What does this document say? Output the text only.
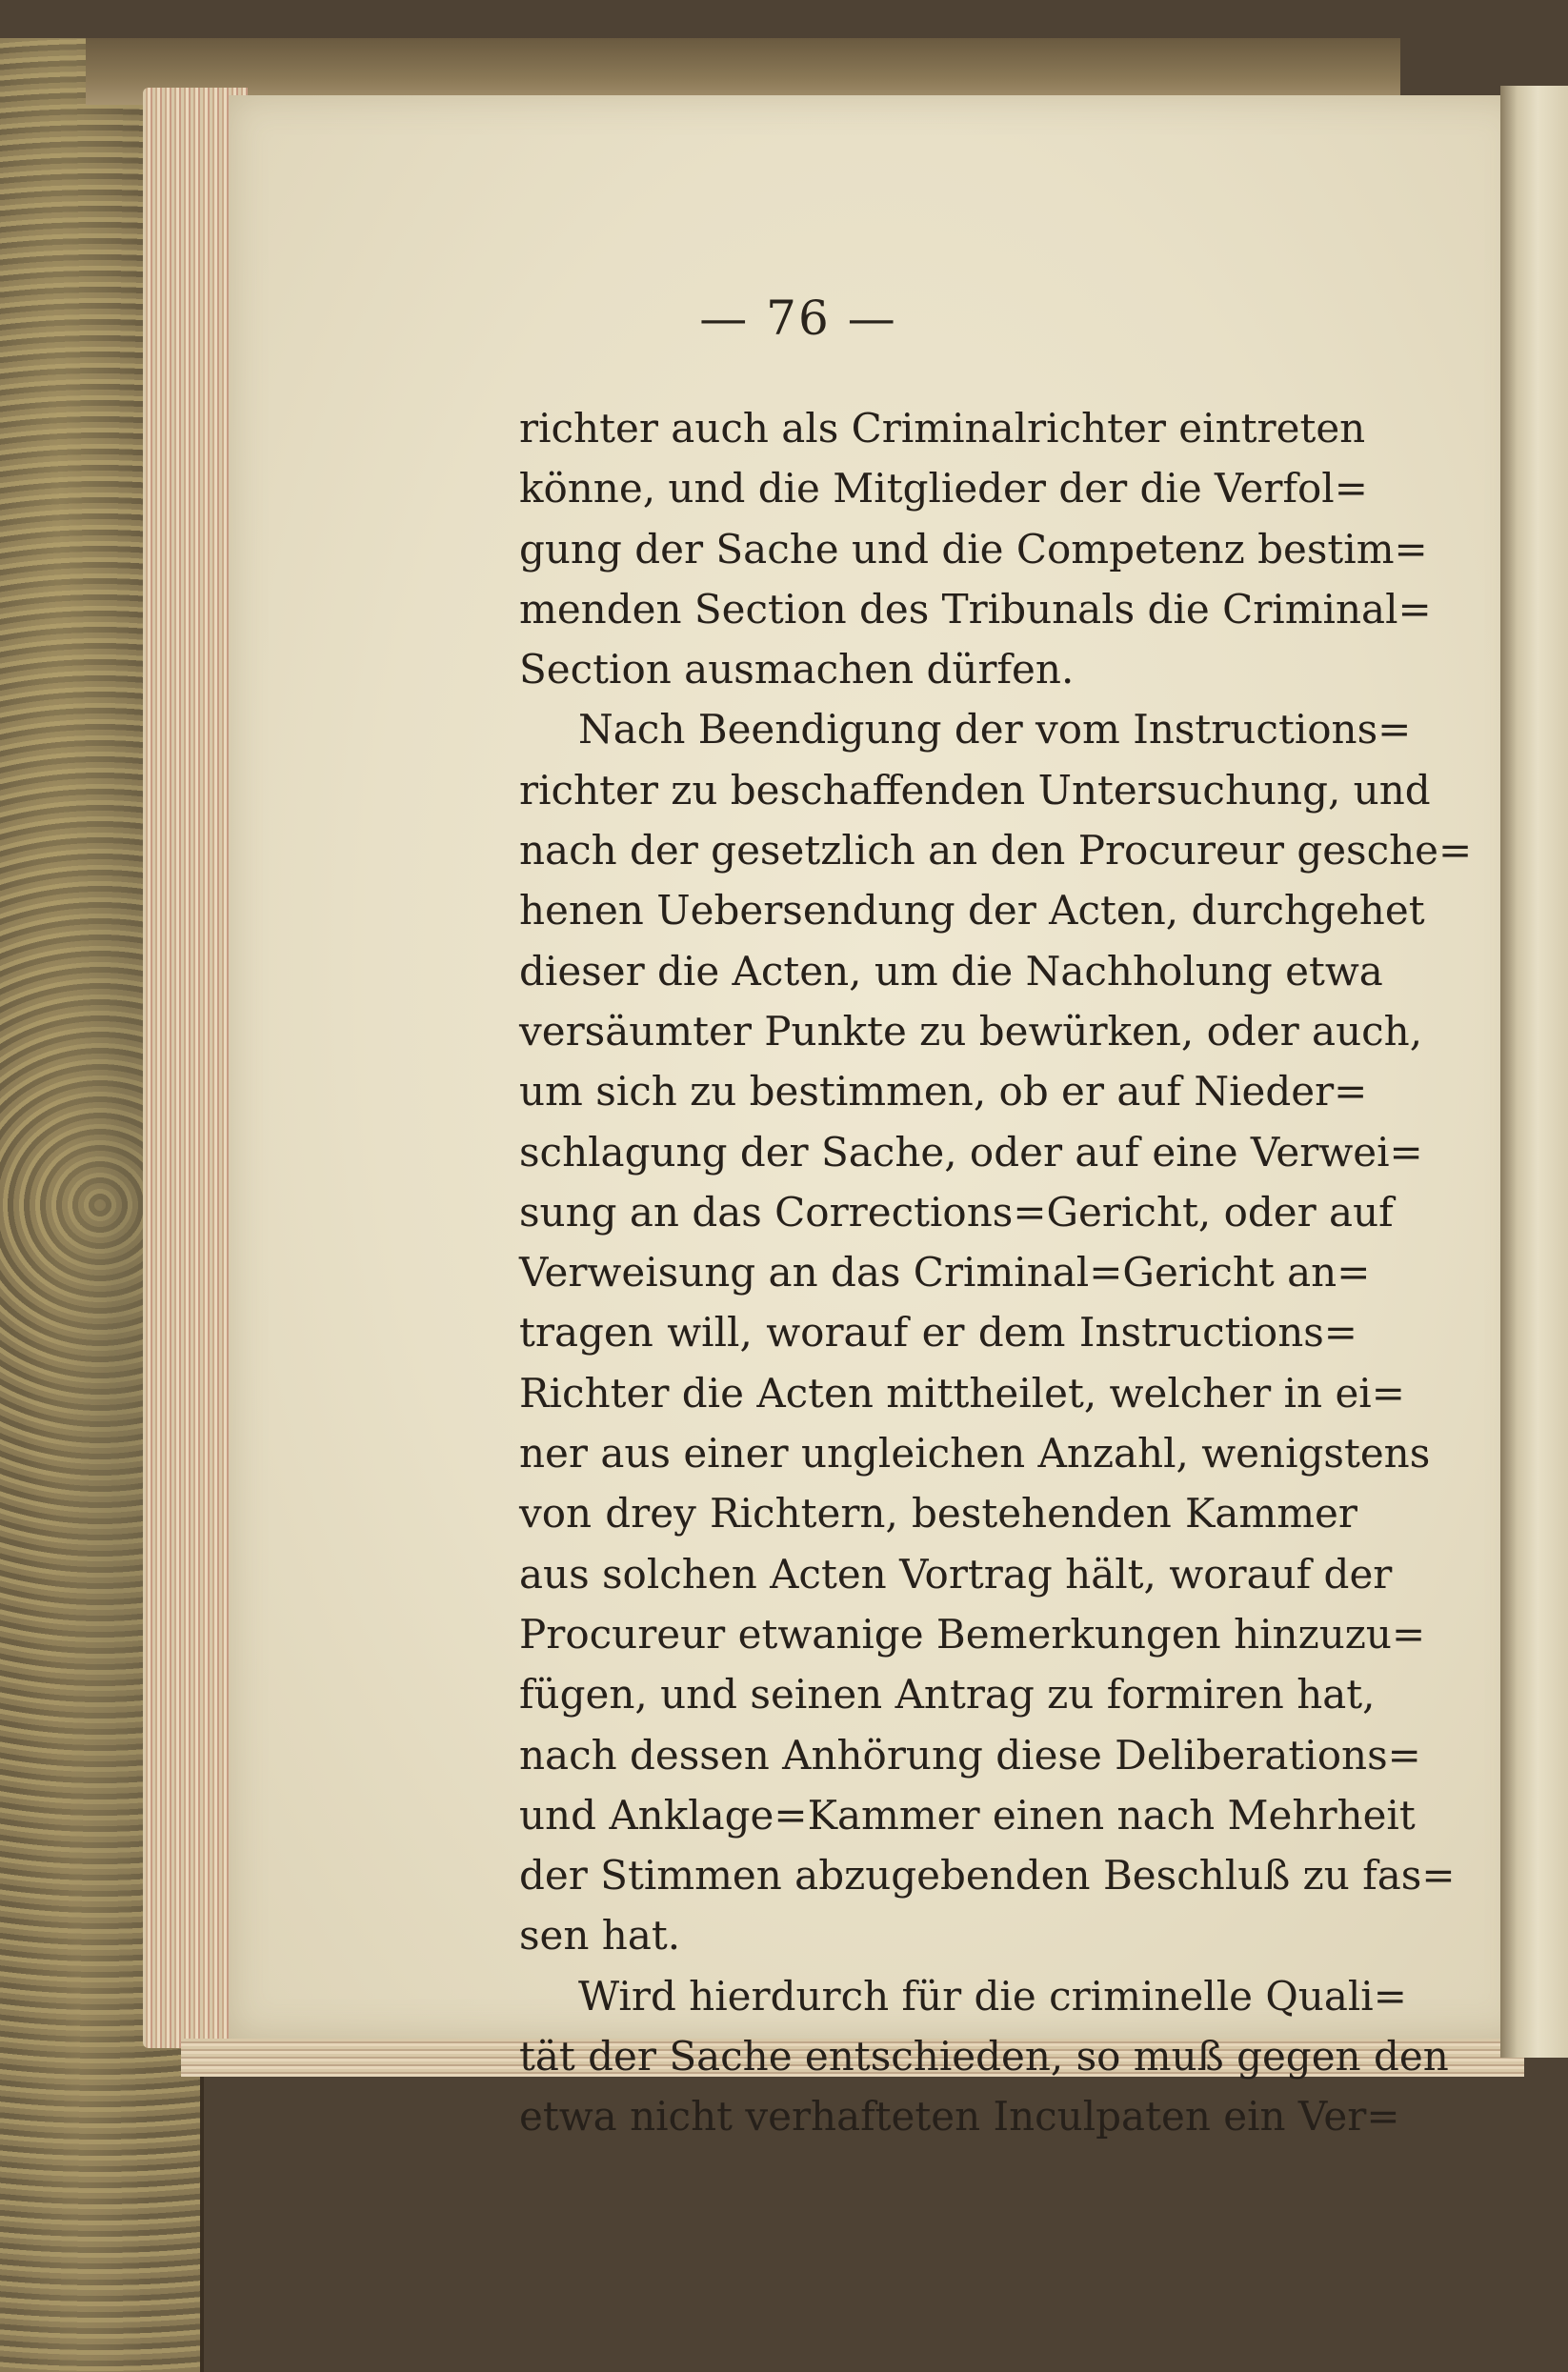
— 76 —
richter auch als Criminalrichter eintreten
könne, und die Mitglieder der die Verfol=
gung der Sache und die Competenz bestim=
menden Section des Tribunals die Criminal=
Section ausmachen dürfen.
Nach Beendigung der vom Instructions=
richter zu beschaffenden Untersuchung, und
nach der gesetzlich an den Procureur gesche=
henen Uebersendung der Acten, durchgehet
dieser die Acten, um die Nachholung etwa
versäumter Punkte zu bewürken, oder auch,
um sich zu bestimmen, ob er auf Nieder=
schlagung der Sache, oder auf eine Verwei=
sung an das Corrections=Gericht, oder auf
Verweisung an das Criminal=Gericht an=
tragen will, worauf er dem Instructions=
Richter die Acten mittheilet, welcher in ei=
ner aus einer ungleichen Anzahl, wenigstens
von drey Richtern, bestehenden Kammer
aus solchen Acten Vortrag hält, worauf der
Procureur etwanige Bemerkungen hinzuzu=
fügen, und seinen Antrag zu formiren hat,
nach dessen Anhörung diese Deliberations=
und Anklage=Kammer einen nach Mehrheit
der Stimmen abzugebenden Beschluß zu fas=
sen hat.
Wird hierdurch für die criminelle Quali=
tät der Sache entschieden, so muß gegen den
etwa nicht verhafteten Inculpaten ein Ver=
